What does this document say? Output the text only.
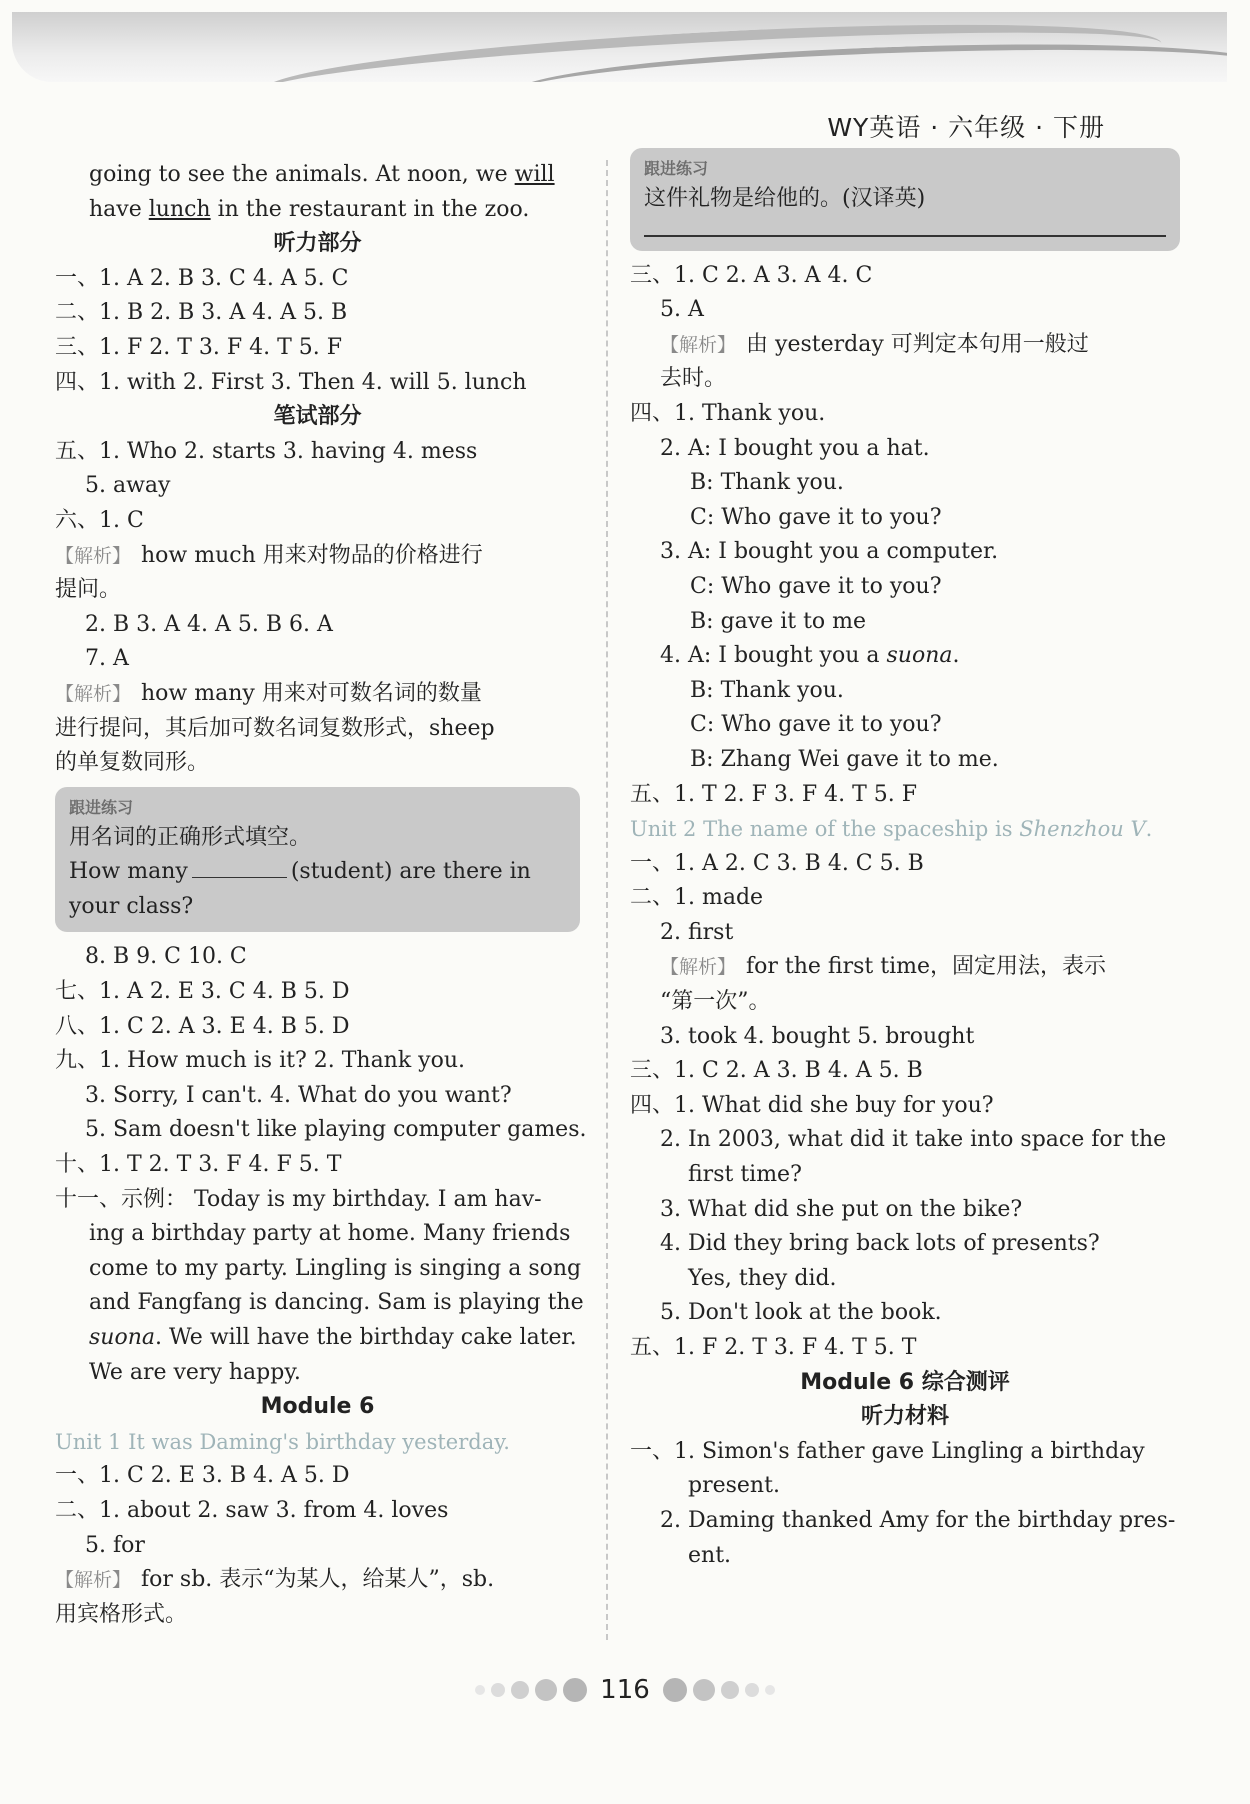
WY英语 · 六年级 · 下册
going to see the animals. At noon, we will
have lunch in the restaurant in the zoo.
听力部分
一、1. A 2. B 3. C 4. A 5. C
二、1. B 2. B 3. A 4. A 5. B
三、1. F 2. T 3. F 4. T 5. F
四、1. with 2. First 3. Then 4. will 5. lunch
笔试部分
五、1. Who 2. starts 3. having 4. mess
5. away
六、1. C
【解析】 how much 用来对物品的价格进行
提问。
2. B 3. A 4. A 5. B 6. A
7. A
【解析】 how many 用来对可数名词的数量
进行提问，其后加可数名词复数形式，sheep
的单复数同形。
跟进练习
用名词的正确形式填空。
How many	(student) are there in
your class?
8. B 9. C 10. C
七、1. A 2. E 3. C 4. B 5. D
八、1. C 2. A 3. E 4. B 5. D
九、1. How much is it? 2. Thank you.
3. Sorry, I can't. 4. What do you want?
5. Sam doesn't like playing computer games.
十、1. T 2. T 3. F 4. F 5. T
十一、示例： Today is my birthday. I am hav-
ing a birthday party at home. Many friends
come to my party. Lingling is singing a song
and Fangfang is dancing. Sam is playing the
suona. We will have the birthday cake later.
We are very happy.
Module 6
Unit 1 It was Daming's birthday yesterday.
一、1. C 2. E 3. B 4. A 5. D
二、1. about 2. saw 3. from 4. loves
5. for
【解析】 for sb. 表示“为某人，给某人”，sb.
用宾格形式。
跟进练习
这件礼物是给他的。(汉译英)
三、1. C 2. A 3. A 4. C
5. A
【解析】 由 yesterday 可判定本句用一般过
去时。
四、1. Thank you.
2. A: I bought you a hat.
B: Thank you.
C: Who gave it to you?
3. A: I bought you a computer.
C: Who gave it to you?
B: gave it to me
4. A: I bought you a suona.
B: Thank you.
C: Who gave it to you?
B: Zhang Wei gave it to me.
五、1. T 2. F 3. F 4. T 5. F
Unit 2 The name of the spaceship is Shenzhou V.
一、1. A 2. C 3. B 4. C 5. B
二、1. made
2. first
【解析】 for the first time，固定用法，表示
“第一次”。
3. took 4. bought 5. brought
三、1. C 2. A 3. B 4. A 5. B
四、1. What did she buy for you?
2. In 2003, what did it take into space for the
first time?
3. What did she put on the bike?
4. Did they bring back lots of presents?
Yes, they did.
5. Don't look at the book.
五、1. F 2. T 3. F 4. T 5. T
Module 6 综合测评
听力材料
一、1. Simon's father gave Lingling a birthday
present.
2. Daming thanked Amy for the birthday pres-
ent.
116
